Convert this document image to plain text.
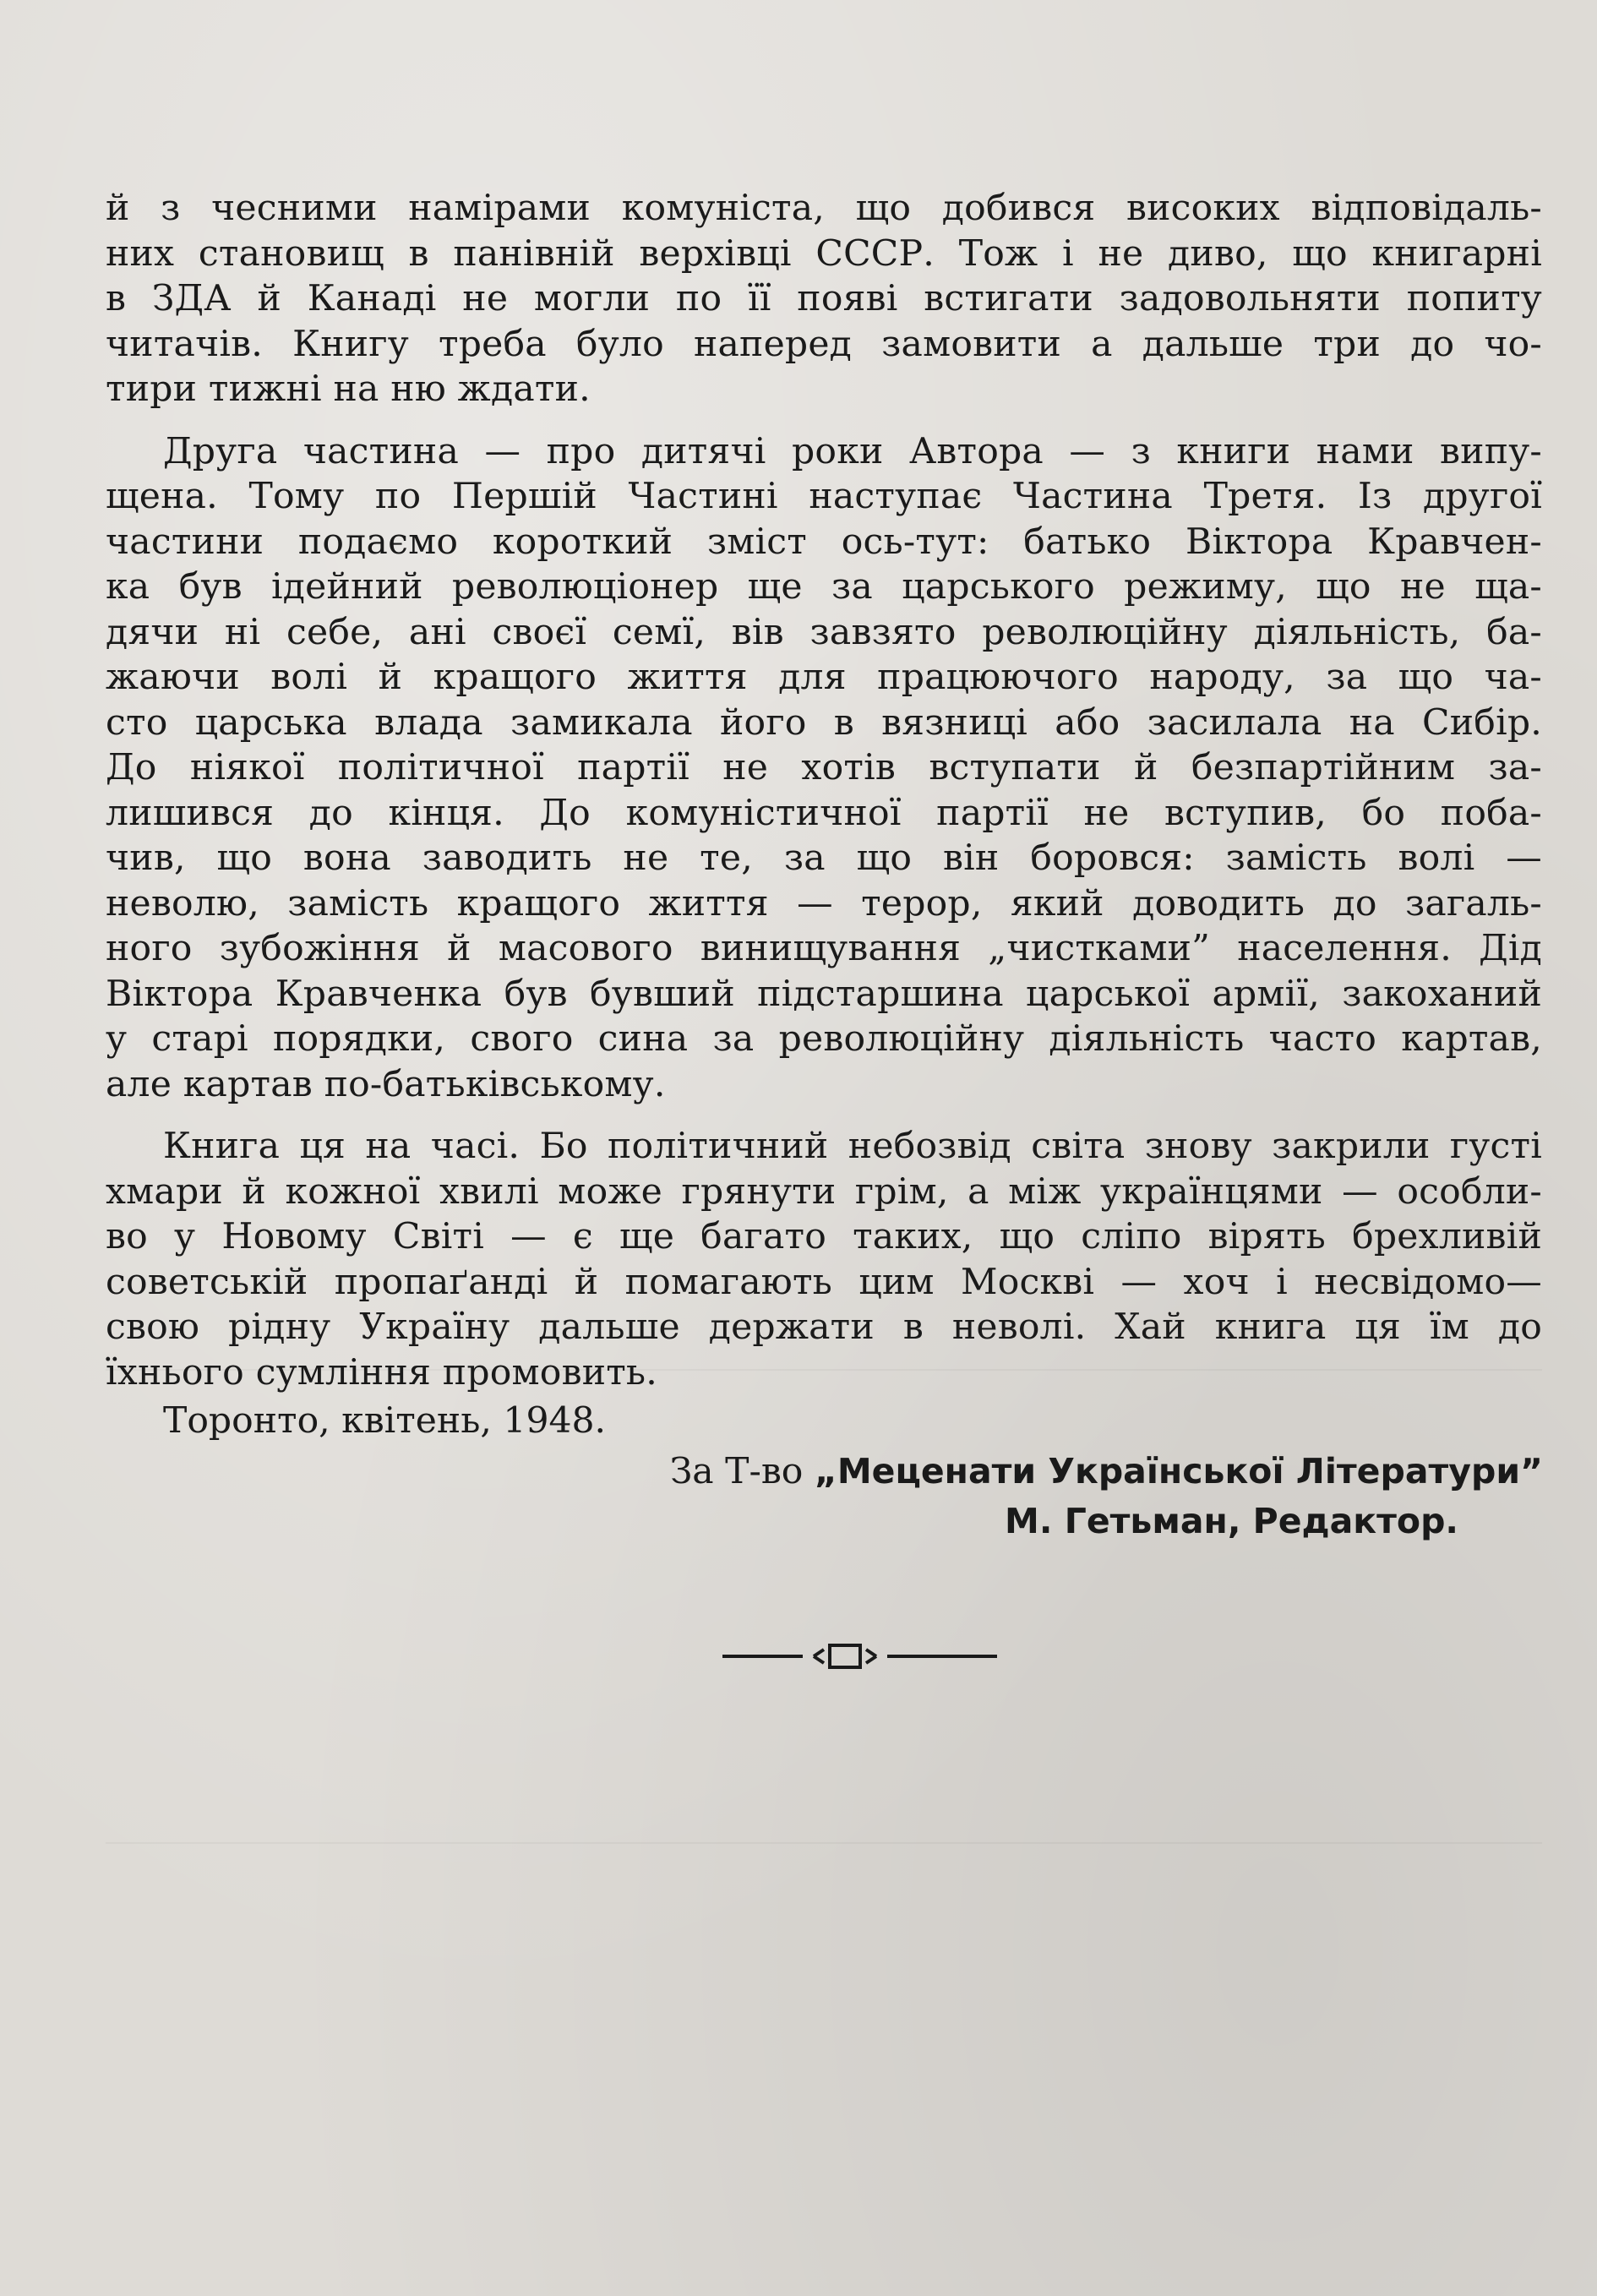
й з чесними намірами комуніста, що добився високих відповідаль-
них становищ в панівній верхівці СССР. Тож і не диво, що книгарні
в ЗДА й Канаді не могли по її появі встигати задовольняти попиту
читачів. Книгу треба було наперед замовити а дальше три до чо-
тири тижні на ню ждати.

Друга частина — про дитячі роки Автора — з книги нами випу-
щена. Тому по Першій Частині наступає Частина Третя. Із другої
частини подаємо короткий зміст ось-тут: батько Віктора Кравчен-
ка був ідейний революціонер ще за царського режиму, що не ща-
дячи ні себе, ані своєї семї, вів завзято революційну діяльність, ба-
жаючи волі й кращого життя для працюючого народу, за що ча-
сто царська влада замикала його в вязниці або засилала на Сибір.
До ніякої політичної партії не хотів вступати й безпартійним за-
лишився до кінця. До комуністичної партії не вступив, бо поба-
чив, що вона заводить не те, за що він боровся: замість волі —
неволю, замість кращого життя — терор, який доводить до загаль-
ного зубожіння й масового винищування „чистками” населення. Дід
Віктора Кравченка був бувший підстаршина царської армії, закоханий
у старі порядки, свого сина за революційну діяльність часто картав,
але картав по-батьківському.

Книга ця на часі. Бо політичний небозвід світа знову закрили густі
хмари й кожної хвилі може грянути грім, а між українцями — особли-
во у Новому Світі — є ще багато таких, що сліпо вірять брехливій
советській пропаґанді й помагають цим Москві — хоч і несвідомо—
свою рідну Україну дальше держати в неволі. Хай книга ця їм до
їхнього сумління промовить.

Торонто, квітень, 1948.
За Т-во „Меценати Української Літератури”
М. Гетьман, Редактор.
